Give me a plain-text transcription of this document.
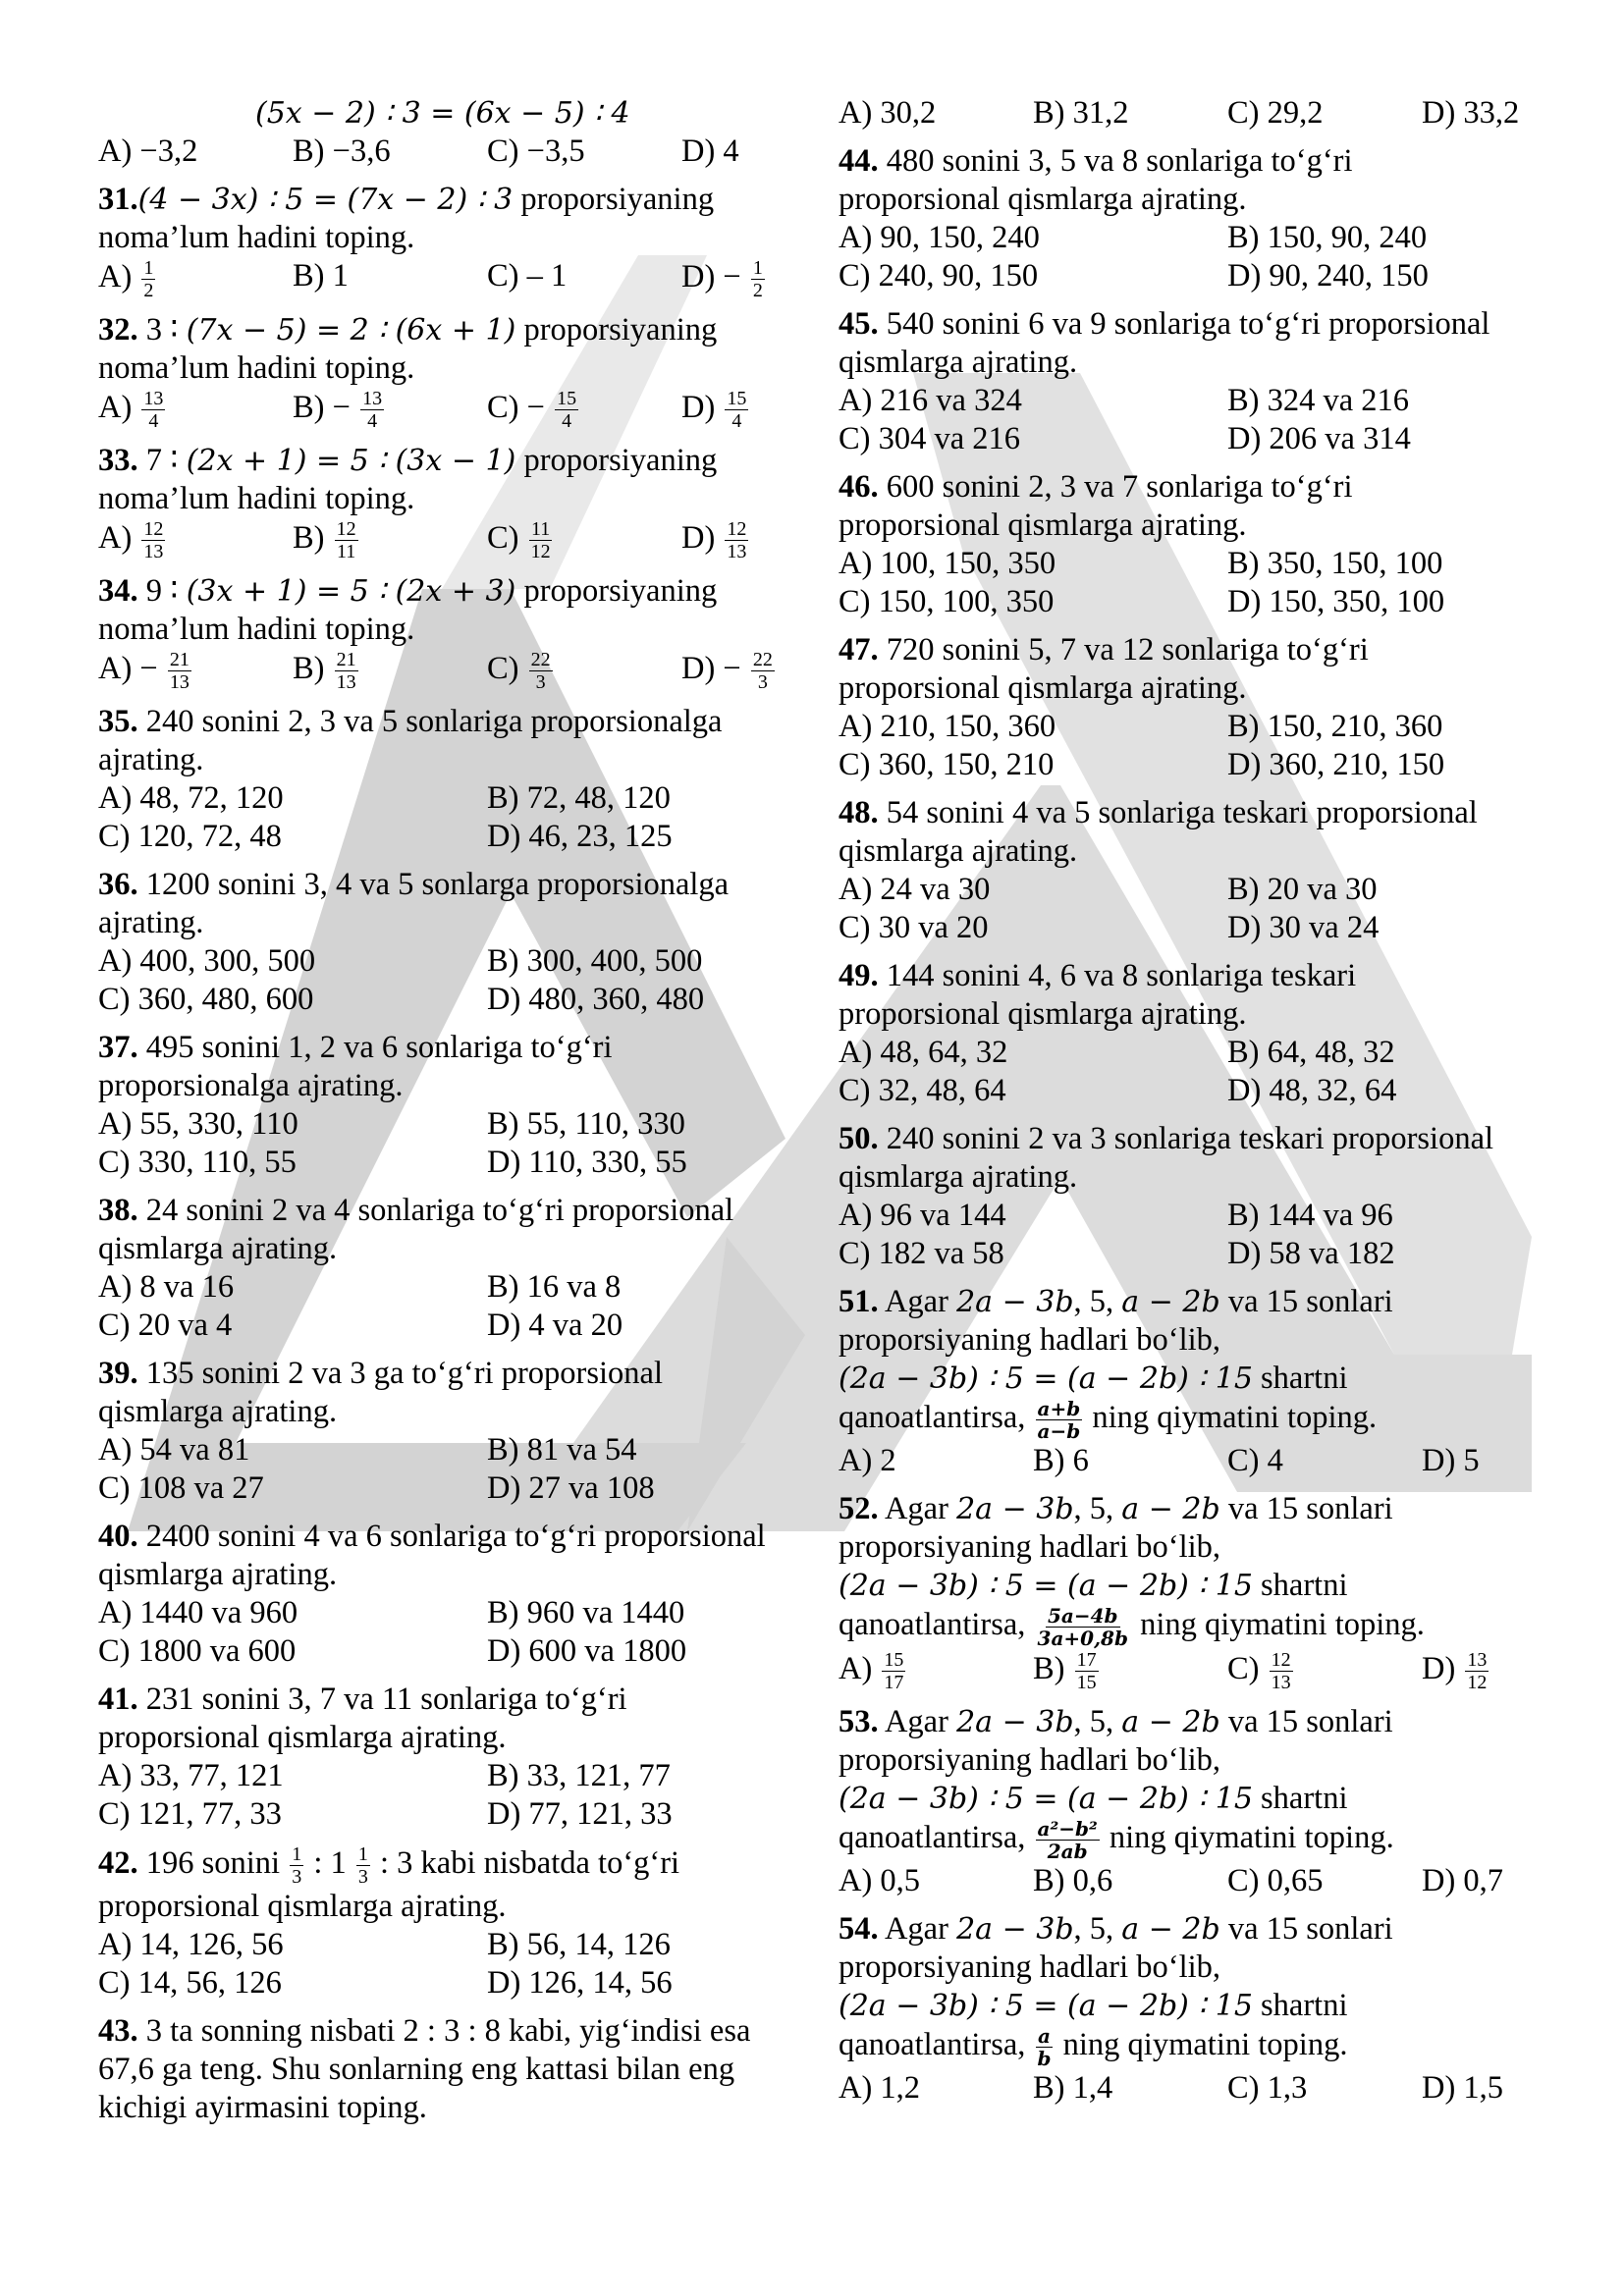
(5x − 2) ∶ 3 = (6x − 5) ∶ 4
A) −3,2	B) −3,6	C) −3,5	D) 4
31.(4 − 3x) ∶ 5 = (7x − 2) ∶ 3 proporsiyaning
noma’lum hadini toping.
$A) \frac{1}{2}$	B) 1	C) – 1	$D) - \frac{1}{2}$
32. 3 ∶ (7x − 5) = 2 ∶ (6x + 1) proporsiyaning
noma’lum hadini toping.
$A) \frac{13}{4}$	$B) - \frac{13}{4}$	$C) - \frac{15}{4}$	$D) \frac{15}{4}$
33. 7 ∶ (2x + 1) = 5 ∶ (3x − 1) proporsiyaning
noma’lum hadini toping.
$A) \frac{12}{13}$	$B) \frac{12}{11}$	$C) \frac{11}{12}$	$D) \frac{12}{13}$
34. 9 ∶ (3x + 1) = 5 ∶ (2x + 3) proporsiyaning
noma’lum hadini toping.
$A) - \frac{21}{13}$	$B) \frac{21}{13}$	$C) \frac{22}{3}$	$D) - \frac{22}{3}$
35. 240 sonini 2, 3 va 5 sonlariga proporsionalga
ajrating.
A) 48, 72, 120	B) 72, 48, 120
C) 120, 72, 48	D) 46, 23, 125
36. 1200 sonini 3, 4 va 5 sonlarga proporsionalga
ajrating.
A) 400, 300, 500	B) 300, 400, 500
C) 360, 480, 600	D) 480, 360, 480
37. 495 sonini 1, 2 va 6 sonlariga to‘g‘ri
proporsionalga ajrating.
A) 55, 330, 110	B) 55, 110, 330
C) 330, 110, 55	D) 110, 330, 55
38. 24 sonini 2 va 4 sonlariga to‘g‘ri proporsional
qismlarga ajrating.
A) 8 va 16	B) 16 va 8
C) 20 va 4	D) 4 va 20
39. 135 sonini 2 va 3 ga to‘g‘ri proporsional
qismlarga ajrating.
A) 54 va 81	B) 81 va 54
C) 108 va 27	D) 27 va 108
40. 2400 sonini 4 va 6 sonlariga to‘g‘ri proporsional
qismlarga ajrating.
A) 1440 va 960	B) 960 va 1440
C) 1800 va 600	D) 600 va 1800
41. 231 sonini 3, 7 va 11 sonlariga to‘g‘ri
proporsional qismlarga ajrating.
A) 33, 77, 121	B) 33, 121, 77
C) 121, 77, 33	D) 77, 121, 33
42. 196 sonini $\frac{1}{3}$ : $1 \frac{1}{3}$ : 3 kabi nisbatda to‘g‘ri
proporsional qismlarga ajrating.
A) 14, 126, 56	B) 56, 14, 126
C) 14, 56, 126	D) 126, 14, 56
43. 3 ta sonning nisbati 2 : 3 : 8 kabi, yig‘indisi esa
67,6 ga teng. Shu sonlarning eng kattasi bilan eng
kichigi ayirmasini toping.
A) 30,2	B) 31,2	C) 29,2	D) 33,2
44. 480 sonini 3, 5 va 8 sonlariga to‘g‘ri
proporsional qismlarga ajrating.
A) 90, 150, 240	B) 150, 90, 240
C) 240, 90, 150	D) 90, 240, 150
45. 540 sonini 6 va 9 sonlariga to‘g‘ri proporsional
qismlarga ajrating.
A) 216 va 324	B) 324 va 216
C) 304 va 216	D) 206 va 314
46. 600 sonini 2, 3 va 7 sonlariga to‘g‘ri
proporsional qismlarga ajrating.
A) 100, 150, 350	B) 350, 150, 100
C) 150, 100, 350	D) 150, 350, 100
47. 720 sonini 5, 7 va 12 sonlariga to‘g‘ri
proporsional qismlarga ajrating.
A) 210, 150, 360	B) 150, 210, 360
C) 360, 150, 210	D) 360, 210, 150
48. 54 sonini 4 va 5 sonlariga teskari proporsional
qismlarga ajrating.
A) 24 va 30	B) 20 va 30
C) 30 va 20	D) 30 va 24
49. 144 sonini 4, 6 va 8 sonlariga teskari
proporsional qismlarga ajrating.
A) 48, 64, 32	B) 64, 48, 32
C) 32, 48, 64	D) 48, 32, 64
50. 240 sonini 2 va 3 sonlariga teskari proporsional
qismlarga ajrating.
A) 96 va 144	B) 144 va 96
C) 182 va 58	D) 58 va 182
51. Agar 2a − 3b, 5, a − 2b va 15 sonlari
proporsiyaning hadlari bo‘lib,
(2a − 3b) ∶ 5 = (a − 2b) ∶ 15 shartni
qanoatlantirsa, $\frac{a+b}{a-b}$ ning qiymatini toping.
A) 2	B) 6	C) 4	D) 5
52. Agar 2a − 3b, 5, a − 2b va 15 sonlari
proporsiyaning hadlari bo‘lib,
(2a − 3b) ∶ 5 = (a − 2b) ∶ 15 shartni
qanoatlantirsa, $\frac{5a-4b}{3a+0,8b}$ ning qiymatini toping.
$A) \frac{15}{17}$	$B) \frac{17}{15}$	$C) \frac{12}{13}$	$D) \frac{13}{12}$
53. Agar 2a − 3b, 5, a − 2b va 15 sonlari
proporsiyaning hadlari bo‘lib,
(2a − 3b) ∶ 5 = (a − 2b) ∶ 15 shartni
qanoatlantirsa, $\frac{\text{a²−b²}}{2ab}$ ning qiymatini toping.
A) 0,5	B) 0,6	C) 0,65	D) 0,7
54. Agar 2a − 3b, 5, a − 2b va 15 sonlari
proporsiyaning hadlari bo‘lib,
(2a − 3b) ∶ 5 = (a − 2b) ∶ 15 shartni
qanoatlantirsa, $\frac{a}{b}$ ning qiymatini toping.
A) 1,2	B) 1,4	C) 1,3	D) 1,5
